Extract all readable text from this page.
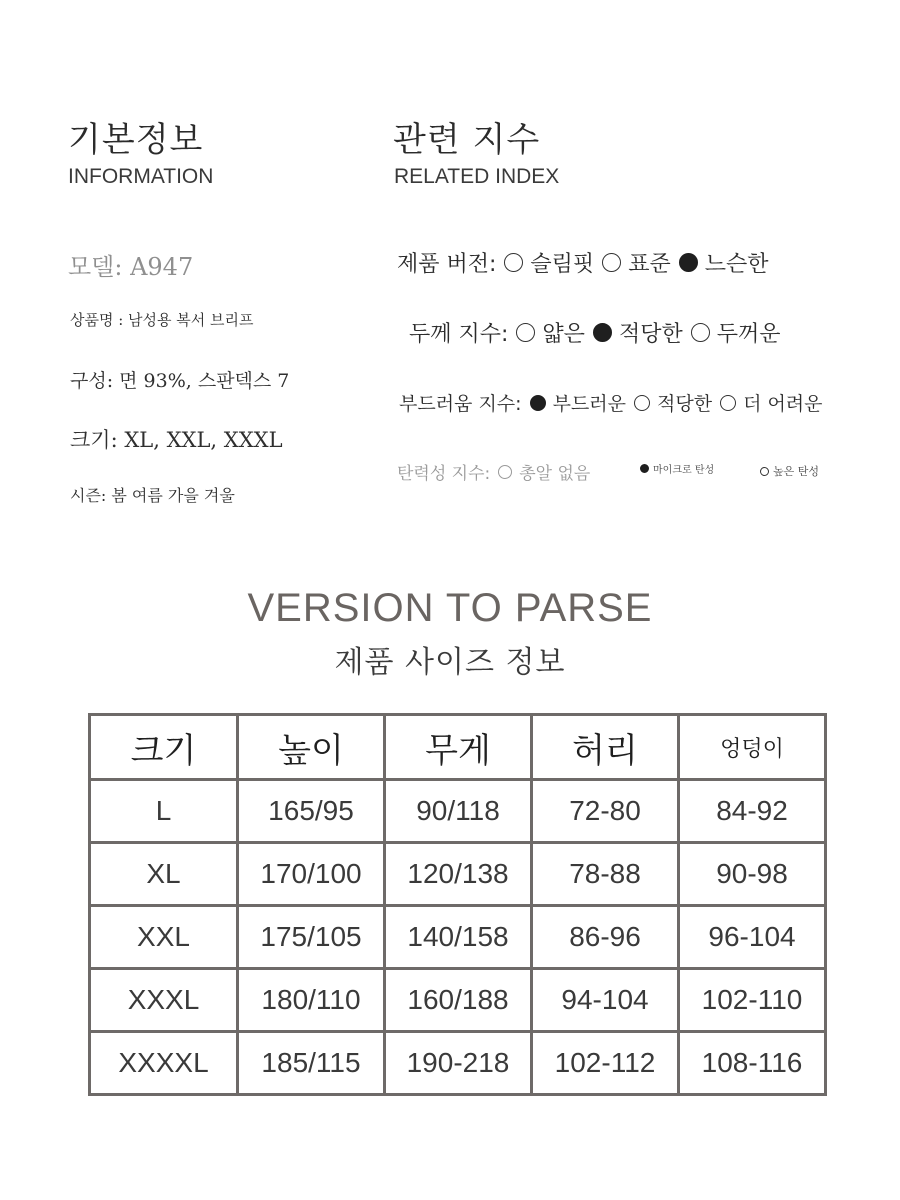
기본정보
INFORMATION
모델: A947
상품명 : 남성용 복서 브리프
구성: 면 93%, 스판덱스 7
크기: XL, XXL, XXXL
시즌: 봄 여름 가을 겨울
관련 지수
RELATED INDEX
제품 버전: 슬림핏 표준 느슨한
두께 지수: 얇은 적당한 두꺼운
부드러움 지수: 부드러운 적당한 더 어려운
탄력성 지수: 총알 없음	마이크로 탄성	높은 탄성
VERSION TO PARSE
제품 사이즈 정보
크기	높이	무게	허리	엉덩이
L	165/95	90/118	72-80	84-92
XL	170/100	120/138	78-88	90-98
XXL	175/105	140/158	86-96	96-104
XXXL	180/110	160/188	94-104	102-110
XXXXL	185/115	190-218	102-112	108-116
